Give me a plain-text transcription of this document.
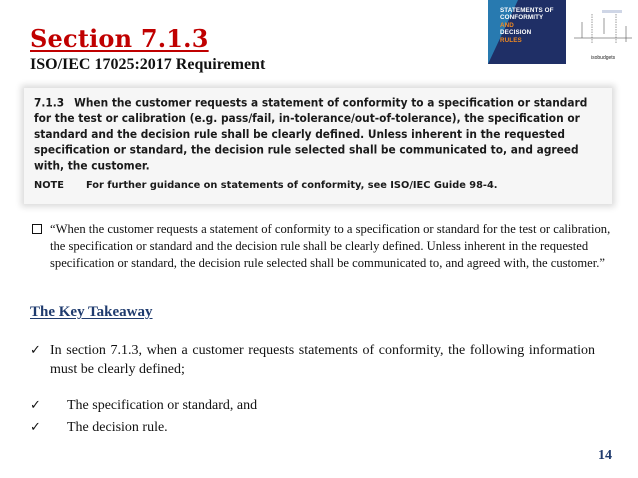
Section 7.1.3
ISO/IEC 17025:2017 Requirement
STATEMENTS OF
CONFORMITY
AND
DECISION
RULES
isobudgets
7.1.3 When the customer requests a statement of conformity to a specification or standard for the test or calibration (e.g. pass/fail, in-tolerance/out-of-tolerance), the specification or standard and the decision rule shall be clearly defined. Unless inherent in the requested specification or standard, the decision rule selected shall be communicated to, and agreed with, the customer.
NOTE For further guidance on statements of conformity, see ISO/IEC Guide 98-4.
“When the customer requests a statement of conformity to a specification or standard for the test or calibration, the specification or standard and the decision rule shall be clearly defined. Unless inherent in the requested specification or standard, the decision rule selected shall be communicated to, and agreed with, the customer.”
The Key Takeaway
✓ In section 7.1.3, when a customer requests statements of conformity, the following information must be clearly defined;
✓ The specification or standard, and
✓ The decision rule.
14
